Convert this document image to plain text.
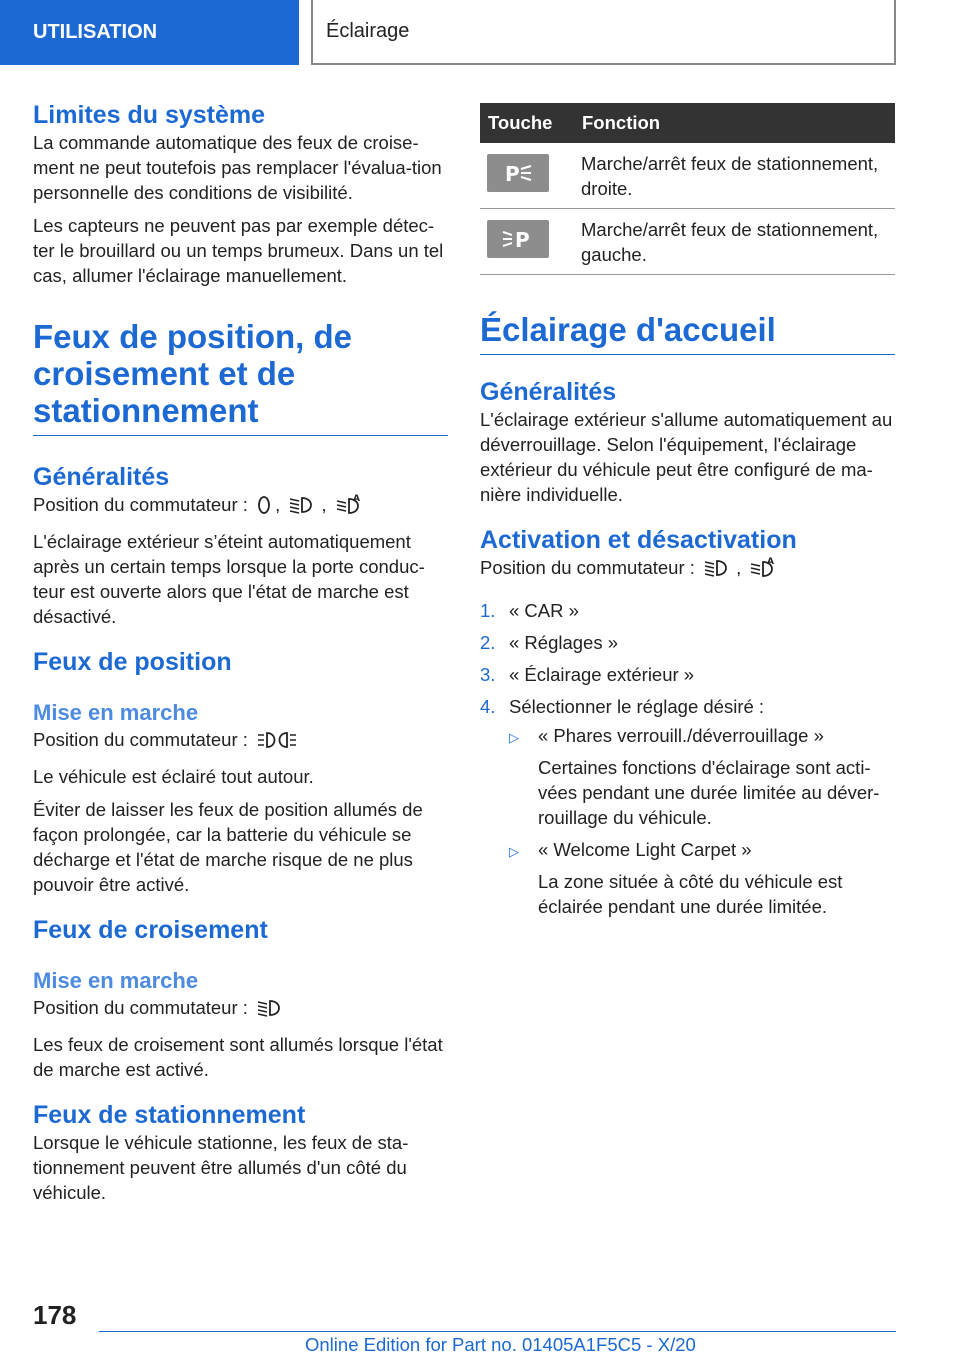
UTILISATION	Éclairage
Limites du système

La commande automatique des feux de croise-ment ne peut toutefois pas remplacer l'évalua-tion personnelle des conditions de visibilité.

Les capteurs ne peuvent pas par exemple détec-ter le brouillard ou un temps brumeux. Dans un tel cas, allumer l'éclairage manuellement.

Feux de position, de croisement et de stationnement
Généralités

Position du commutateur : , ,	A

L'éclairage extérieur s’éteint automatiquement après un certain temps lorsque la porte conduc-teur est ouverte alors que l'état de marche est désactivé.

Feux de position
Mise en marche

Position du commutateur :

Le véhicule est éclairé tout autour.

Éviter de laisser les feux de position allumés de façon prolongée, car la batterie du véhicule se décharge et l'état de marche risque de ne plus pouvoir être activé.

Feux de croisement
Mise en marche

Position du commutateur :

Les feux de croisement sont allumés lorsque l'état de marche est activé.

Feux de stationnement

Lorsque le véhicule stationne, les feux de sta-tionnement peuvent être allumés d'un côté du véhicule.

Touche	Fonction

P	Marche/arrêt feux de stationnement, droite.

P	Marche/arrêt feux de stationnement, gauche.
Éclairage d'accueil
Généralités

L'éclairage extérieur s'allume automatiquement au déverrouillage. Selon l'équipement, l'éclairage extérieur du véhicule peut être configuré de ma-nière individuelle.

Activation et désactivation

Position du commutateur : ,	A

1. « CAR »
2. « Réglages »
3. « Éclairage extérieur »
4. Sélectionner le réglage désiré :
▷	« Phares verrouill./déverrouillage »
Certaines fonctions d'éclairage sont acti-vées pendant une durée limitée au déver-rouillage du véhicule.
▷	« Welcome Light Carpet »
La zone située à côté du véhicule est éclairée pendant une durée limitée.
178
Online Edition for Part no. 01405A1F5C5 - X/20
